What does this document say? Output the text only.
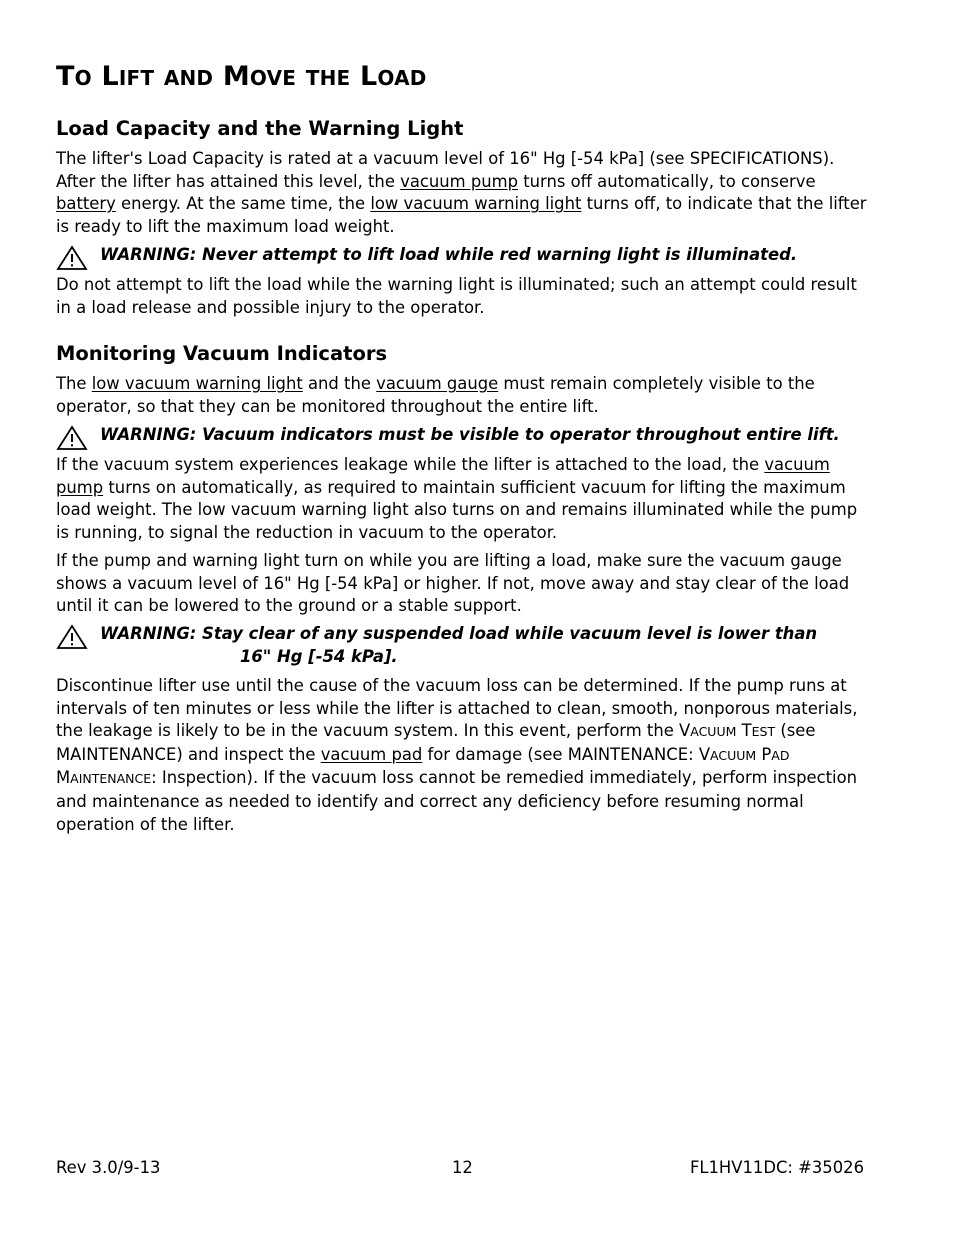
TO LIFT AND MOVE THE LOAD
Load Capacity and the Warning Light

The lifter's Load Capacity is rated at a vacuum level of 16" Hg [-54 kPa] (see SPECIFICATIONS). After the lifter has attained this level, the vacuum pump turns off automatically, to conserve battery energy. At the same time, the low vacuum warning light turns off, to indicate that the lifter is ready to lift the maximum load weight.

WARNING: Never attempt to lift load while red warning light is illuminated.

Do not attempt to lift the load while the warning light is illuminated; such an attempt could result in a load release and possible injury to the operator.

Monitoring Vacuum Indicators

The low vacuum warning light and the vacuum gauge must remain completely visible to the operator, so that they can be monitored throughout the entire lift.

WARNING: Vacuum indicators must be visible to operator throughout entire lift.

If the vacuum system experiences leakage while the lifter is attached to the load, the vacuum pump turns on automatically, as required to maintain sufficient vacuum for lifting the maximum load weight. The low vacuum warning light also turns on and remains illuminated while the pump is running, to signal the reduction in vacuum to the operator.

If the pump and warning light turn on while you are lifting a load, make sure the vacuum gauge shows a vacuum level of 16" Hg [-54 kPa] or higher. If not, move away and stay clear of the load until it can be lowered to the ground or a stable support.

WARNING: Stay clear of any suspended load while vacuum level is lower than
16" Hg [-54 kPa].

Discontinue lifter use until the cause of the vacuum loss can be determined. If the pump runs at intervals of ten minutes or less while the lifter is attached to clean, smooth, nonporous materials, the leakage is likely to be in the vacuum system. In this event, perform the VACUUM TEST (see MAINTENANCE) and inspect the vacuum pad for damage (see MAINTENANCE: VACUUM PAD MAINTENANCE: Inspection). If the vacuum loss cannot be remedied immediately, perform inspection and maintenance as needed to identify and correct any deficiency before resuming normal operation of the lifter.

Rev 3.0/9-13	12	FL1HV11DC: #35026
